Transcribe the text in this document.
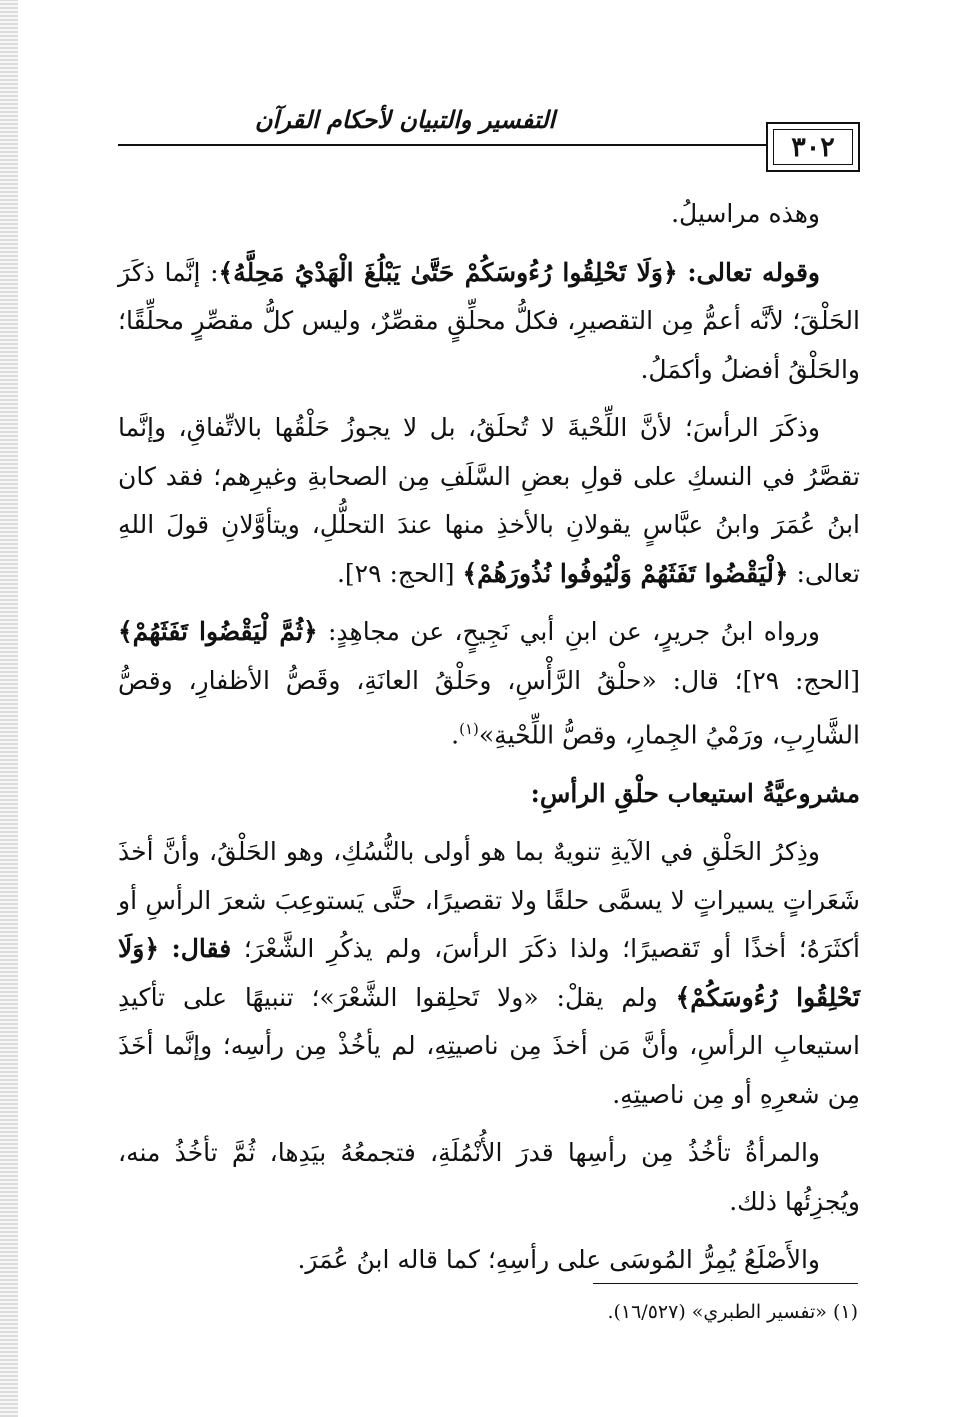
التفسير والتبيان لأحكام القرآن
٣٠٢

وهذه مراسيلُ.

وقوله تعالى: ﴿وَلَا تَحْلِقُوا رُءُوسَكُمْ حَتَّىٰ يَبْلُغَ الْهَدْيُ مَحِلَّهُ﴾: إنَّما ذكَرَ الحَلْقَ؛ لأنَّه أعمُّ مِن التقصيرِ، فكلُّ محلِّقٍ مقصِّرٌ، وليس كلُّ مقصِّرٍ محلِّقًا؛ والحَلْقُ أفضلُ وأكمَلُ.

وذكَرَ الرأسَ؛ لأنَّ اللِّحْيةَ لا تُحلَقُ، بل لا يجوزُ حَلْقُها بالاتِّفاقِ، وإنَّما تقصَّرُ في النسكِ على قولِ بعضِ السَّلَفِ مِن الصحابةِ وغيرِهم؛ فقد كان ابنُ عُمَرَ وابنُ عبَّاسٍ يقولانِ بالأخذِ منها عندَ التحلُّلِ، ويتأوَّلانِ قولَ اللهِ تعالى: ﴿لْيَقْضُوا تَفَثَهُمْ وَلْيُوفُوا نُذُورَهُمْ﴾ [الحج: ٢٩].

ورواه ابنُ جريرٍ، عن ابنِ أبي نَجِيحٍ، عن مجاهِدٍ: ﴿ثُمَّ لْيَقْضُوا تَفَثَهُمْ﴾ [الحج: ٢٩]؛ قال: «حلْقُ الرَّأْسِ، وحَلْقُ العانَةِ، وقَصُّ الأظفارِ، وقصُّ الشَّارِبِ، ورَمْيُ الجِمارِ، وقصُّ اللِّحْيةِ»$^{(١)}$.

مشروعيَّةُ استيعاب حلْقِ الرأسِ:

وذِكرُ الحَلْقِ في الآيةِ تنويهٌ بما هو أولى بالنُّسُكِ، وهو الحَلْقُ، وأنَّ أخذَ شَعَراتٍ يسيراتٍ لا يسمَّى حلقًا ولا تقصيرًا، حتَّى يَستوعِبَ شعرَ الرأسِ أو أكثَرَهُ؛ أخذًا أو تَقصيرًا؛ ولذا ذكَرَ الرأسَ، ولم يذكُرِ الشَّعْرَ؛ فقال: ﴿وَلَا تَحْلِقُوا رُءُوسَكُمْ﴾ ولم يقلْ: «ولا تَحلِقوا الشَّعْرَ»؛ تنبيهًا على تأكيدِ استيعابِ الرأسِ، وأنَّ مَن أخذَ مِن ناصيتِهِ، لم يأخُذْ مِن رأسِه؛ وإنَّما أخَذَ مِن شعرِهِ أو مِن ناصيتِهِ.

والمرأةُ تأخُذُ مِن رأسِها قدرَ الأُنْمُلَةِ، فتجمعُهُ بيَدِها، ثُمَّ تأخُذُ منه، ويُجزِئُها ذلك.

والأَصْلَعُ يُمِرُّ المُوسَى على رأسِهِ؛ كما قاله ابنُ عُمَرَ.

(١) «تفسير الطبري» (١٦/٥٢٧).
